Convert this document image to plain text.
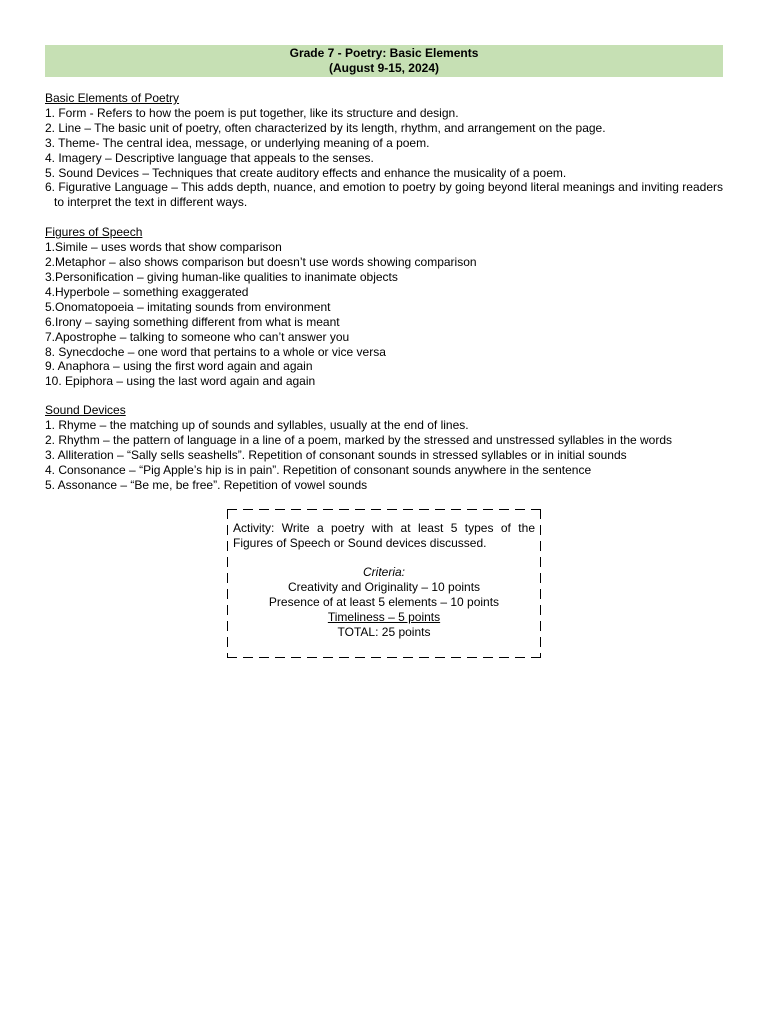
Grade 7 - Poetry: Basic Elements
(August 9-15, 2024)
Basic Elements of Poetry
1. Form - Refers to how the poem is put together, like its structure and design.
2. Line – The basic unit of poetry, often characterized by its length, rhythm, and arrangement on the page.
3. Theme- The central idea, message, or underlying meaning of a poem.
4. Imagery – Descriptive language that appeals to the senses.
5. Sound Devices – Techniques that create auditory effects and enhance the musicality of a poem.
6. Figurative Language – This adds depth, nuance, and emotion to poetry by going beyond literal meanings and inviting readers to interpret the text in different ways.
Figures of Speech
1.Simile – uses words that show comparison
2.Metaphor – also shows comparison but doesn’t use words showing comparison
3.Personification – giving human-like qualities to inanimate objects
4.Hyperbole – something exaggerated
5.Onomatopoeia – imitating sounds from environment
6.Irony – saying something different from what is meant
7.Apostrophe – talking to someone who can’t answer you
8. Synecdoche – one word that pertains to a whole or vice versa
9. Anaphora – using the first word again and again
10. Epiphora – using the last word again and again
Sound Devices
1. Rhyme – the matching up of sounds and syllables, usually at the end of lines.
2. Rhythm – the pattern of language in a line of a poem, marked by the stressed and unstressed syllables in the words
3. Alliteration – “Sally sells seashells”. Repetition of consonant sounds in stressed syllables or in initial sounds
4. Consonance – “Pig Apple’s hip is in pain”. Repetition of consonant sounds anywhere in the sentence
5. Assonance – “Be me, be free”. Repetition of vowel sounds
Activity: Write a poetry with at least 5 types of the Figures of Speech or Sound devices discussed.
Criteria:
Creativity and Originality – 10 points
Presence of at least 5 elements – 10 points
Timeliness – 5 points
TOTAL: 25 points
